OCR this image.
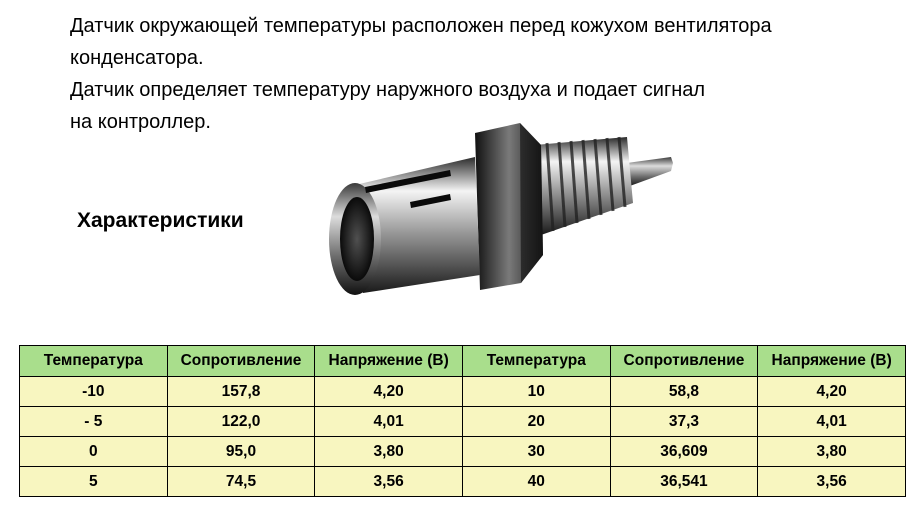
Датчик окружающей температуры расположен перед кожухом вентилятора

конденсатора.

Датчик определяет температуру наружного воздуха и подает сигнал

на контроллер.

Характеристики
Температура	Сопротивление	Напряжение (В)	Температура	Сопротивление	Напряжение (В)
-10	157,8	4,20	10	58,8	4,20
- 5	122,0	4,01	20	37,3	4,01
0	95,0	3,80	30	36,609	3,80
5	74,5	3,56	40	36,541	3,56
